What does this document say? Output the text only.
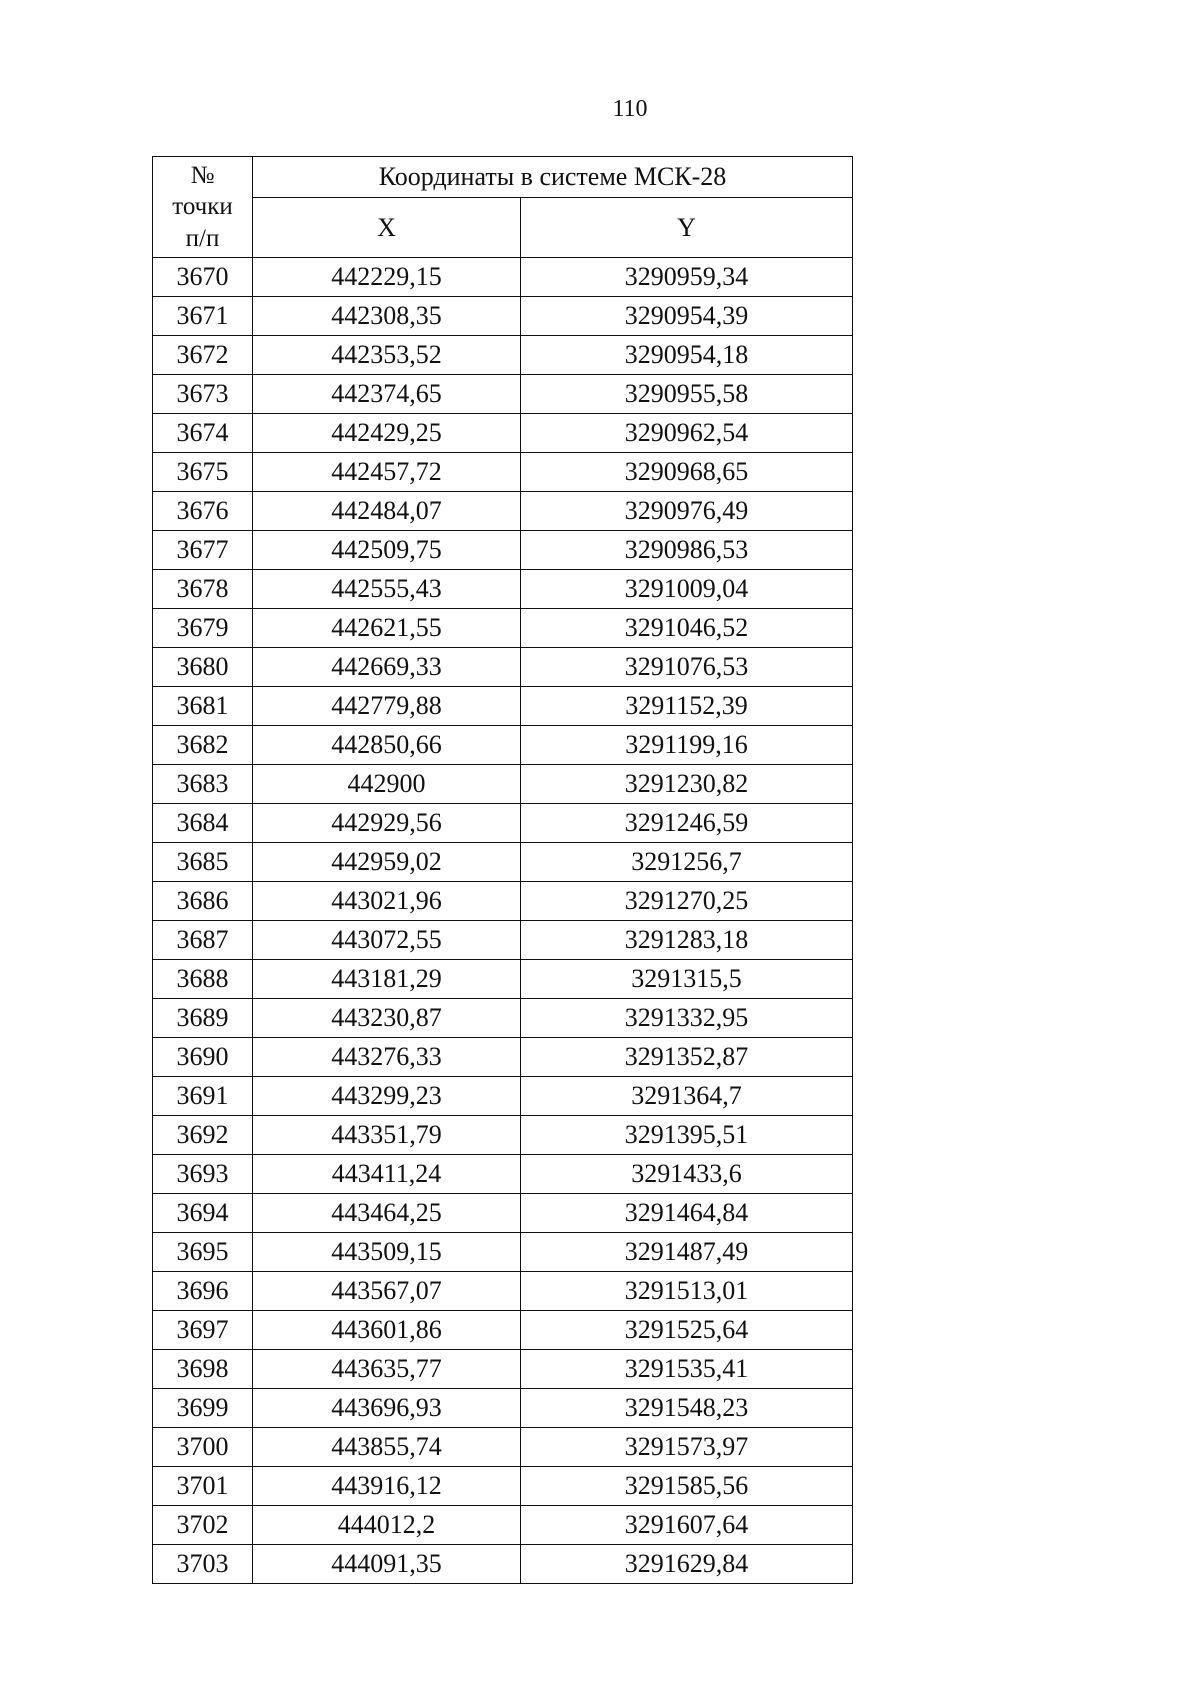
110
№
точки
п/п	Координаты в системе МСК-28	
	X	Y
3670	442229,15	3290959,34
3671	442308,35	3290954,39
3672	442353,52	3290954,18
3673	442374,65	3290955,58
3674	442429,25	3290962,54
3675	442457,72	3290968,65
3676	442484,07	3290976,49
3677	442509,75	3290986,53
3678	442555,43	3291009,04
3679	442621,55	3291046,52
3680	442669,33	3291076,53
3681	442779,88	3291152,39
3682	442850,66	3291199,16
3683	442900	3291230,82
3684	442929,56	3291246,59
3685	442959,02	3291256,7
3686	443021,96	3291270,25
3687	443072,55	3291283,18
3688	443181,29	3291315,5
3689	443230,87	3291332,95
3690	443276,33	3291352,87
3691	443299,23	3291364,7
3692	443351,79	3291395,51
3693	443411,24	3291433,6
3694	443464,25	3291464,84
3695	443509,15	3291487,49
3696	443567,07	3291513,01
3697	443601,86	3291525,64
3698	443635,77	3291535,41
3699	443696,93	3291548,23
3700	443855,74	3291573,97
3701	443916,12	3291585,56
3702	444012,2	3291607,64
3703	444091,35	3291629,84
